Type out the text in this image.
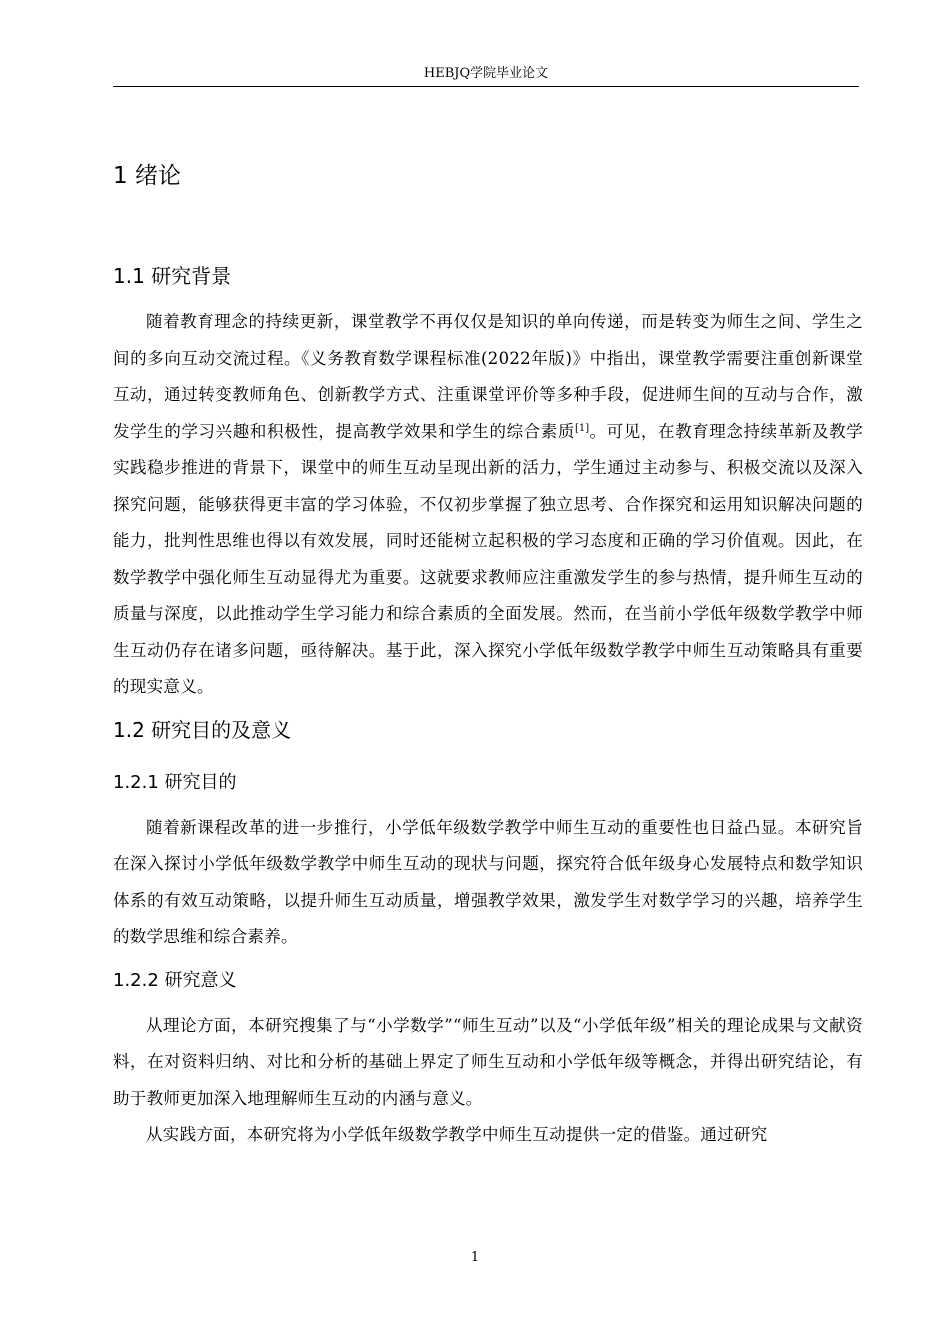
HEBJQ学院毕业论文
1 绪论
1.1 研究背景

随着教育理念的持续更新，课堂教学不再仅仅是知识的单向传递，而是转变为师生之间、学生之间的多向互动交流过程。《义务教育数学课程标准(2022年版)》中指出，课堂教学需要注重创新课堂互动，通过转变教师角色、创新教学方式、注重课堂评价等多种手段，促进师生间的互动与合作，激发学生的学习兴趣和积极性，提高教学效果和学生的综合素质[1]。可见，在教育理念持续革新及教学实践稳步推进的背景下，课堂中的师生互动呈现出新的活力，学生通过主动参与、积极交流以及深入探究问题，能够获得更丰富的学习体验，不仅初步掌握了独立思考、合作探究和运用知识解决问题的能力，批判性思维也得以有效发展，同时还能树立起积极的学习态度和正确的学习价值观。因此，在数学教学中强化师生互动显得尤为重要。这就要求教师应注重激发学生的参与热情，提升师生互动的质量与深度，以此推动学生学习能力和综合素质的全面发展。然而，在当前小学低年级数学教学中师生互动仍存在诸多问题，亟待解决。基于此，深入探究小学低年级数学教学中师生互动策略具有重要的现实意义。

1.2 研究目的及意义
1.2.1 研究目的

随着新课程改革的进一步推行，小学低年级数学教学中师生互动的重要性也日益凸显。本研究旨在深入探讨小学低年级数学教学中师生互动的现状与问题，探究符合低年级身心发展特点和数学知识体系的有效互动策略，以提升师生互动质量，增强教学效果，激发学生对数学学习的兴趣，培养学生的数学思维和综合素养。

1.2.2 研究意义

从理论方面，本研究搜集了与“小学数学”“师生互动”以及“小学低年级”相关的理论成果与文献资料，在对资料归纳、对比和分析的基础上界定了师生互动和小学低年级等概念，并得出研究结论，有助于教师更加深入地理解师生互动的内涵与意义。

从实践方面，本研究将为小学低年级数学教学中师生互动提供一定的借鉴。通过研究

1
